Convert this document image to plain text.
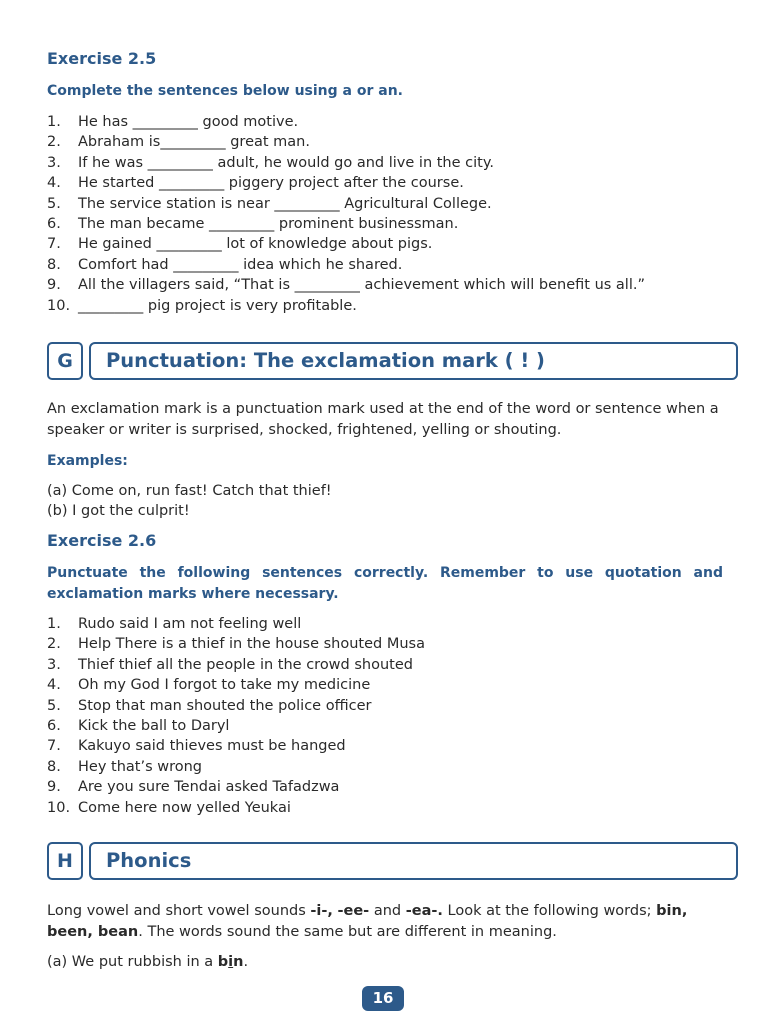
Exercise 2.5
Complete the sentences below using a or an.
1. He has _________ good motive.
2. Abraham is_________ great man.
3. If he was _________ adult, he would go and live in the city.
4. He started _________ piggery project after the course.
5. The service station is near _________ Agricultural College.
6. The man became _________ prominent businessman.
7. He gained _________ lot of knowledge about pigs.
8. Comfort had _________ idea which he shared.
9. All the villagers said, “That is _________ achievement which will benefit us all.”
10. _________ pig project is very profitable.
G	Punctuation: The exclamation mark ( ! )

An exclamation mark is a punctuation mark used at the end of the word or sentence when a speaker or writer is surprised, shocked, frightened, yelling or shouting.

Examples:
(a) Come on, run fast! Catch that thief!
(b) I got the culprit!
Exercise 2.6
Punctuate the following sentences correctly. Remember to use quotation and exclamation marks where necessary.
1. Rudo said I am not feeling well
2. Help There is a thief in the house shouted Musa
3. Thief thief all the people in the crowd shouted
4. Oh my God I forgot to take my medicine
5. Stop that man shouted the police officer
6. Kick the ball to Daryl
7. Kakuyo said thieves must be hanged
8. Hey that’s wrong
9. Are you sure Tendai asked Tafadzwa
10. Come here now yelled Yeukai
H	Phonics

Long vowel and short vowel sounds -i-, -ee- and -ea-. Look at the following words; bin, been, bean. The words sound the same but are different in meaning.

(a) We put rubbish in a bin.
16
